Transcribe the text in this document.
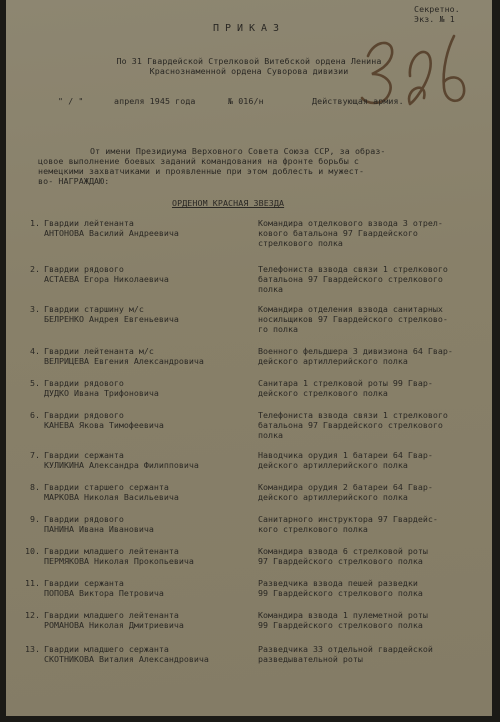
Секретно.
Экз. № 1
ПРИКАЗ
По 31 Гвардейской Стрелковой Витебской ордена Ленина
Краснознаменной ордена Суворова дивизии
" / "	апреля 1945 года	№ 016/н	Действующая армия.
От имени Президиума Верховного Совета Союза ССР, за образ-
цовое выполнение боевых заданий командования на фронте борьбы с
немецкими захватчиками и проявленные при этом доблесть и мужест-
во- НАГРАЖДАЮ:
ОРДЕНОМ КРАСНАЯ ЗВЕЗДА
1. Гвардии лейтенанта
АНТОНОВА Василий Андреевича
Командира отделкового взвода 3 отрел-
кового батальона 97 Гвардейского
стрелкового полка
2. Гвардии рядового
АСТАЕВА Егора Николаевича
Телефониста взвода связи 1 стрелкового
батальона 97 Гвардейского стрелкового
полка
3. Гвардии старшину м/с
БЕЛРЕНКО Андрея Евгеньевича
Командира отделения взвода санитарных
носильщиков 97 Гвардейского стрелково-
го полка
4. Гвардии лейтенанта м/с
ВЕЛРИЦЕВА Евгения Александровича
Военного фельдшера 3 дивизиона 64 Гвар-
дейского артиллерийского полка
5. Гвардии рядового
ДУДКО Ивана Трифоновича
Санитара 1 стрелковой роты 99 Гвар-
дейского стрелкового полка
6. Гвардии рядового
КАНЕВА Якова Тимофеевича
Телефониста взвода связи 1 стрелкового
батальона 97 Гвардейского стрелкового
полка
7. Гвардии сержанта
КУЛИКИНА Александра Филипповича
Наводчика орудия 1 батареи 64 Гвар-
дейского артиллерийского полка
8. Гвардии старшего сержанта
МАРКОВА Николая Васильевича
Командира орудия 2 батареи 64 Гвар-
дейского артиллерийского полка
9. Гвардии рядового
ПАНИНА Ивана Ивановича
Санитарного инструктора 97 Гвардейс-
кого стрелкового полка
10. Гвардии младшего лейтенанта
ПЕРМЯКОВА Николая Прокопьевича
Командира взвода 6 стрелковой роты
97 Гвардейского стрелкового полка
11. Гвардии сержанта
ПОПОВА Виктора Петровича
Разведчика взвода пешей разведки
99 Гвардейского стрелкового полка
12. Гвардии младшего лейтенанта
РОМАНОВА Николая Дмитриевича
Командира взвода 1 пулеметной роты
99 Гвардейского стрелкового полка
13. Гвардии младшего сержанта
СКОТНИКОВА Виталия Александровича
Разведчика 33 отдельной гвардейской
разведывательной роты
